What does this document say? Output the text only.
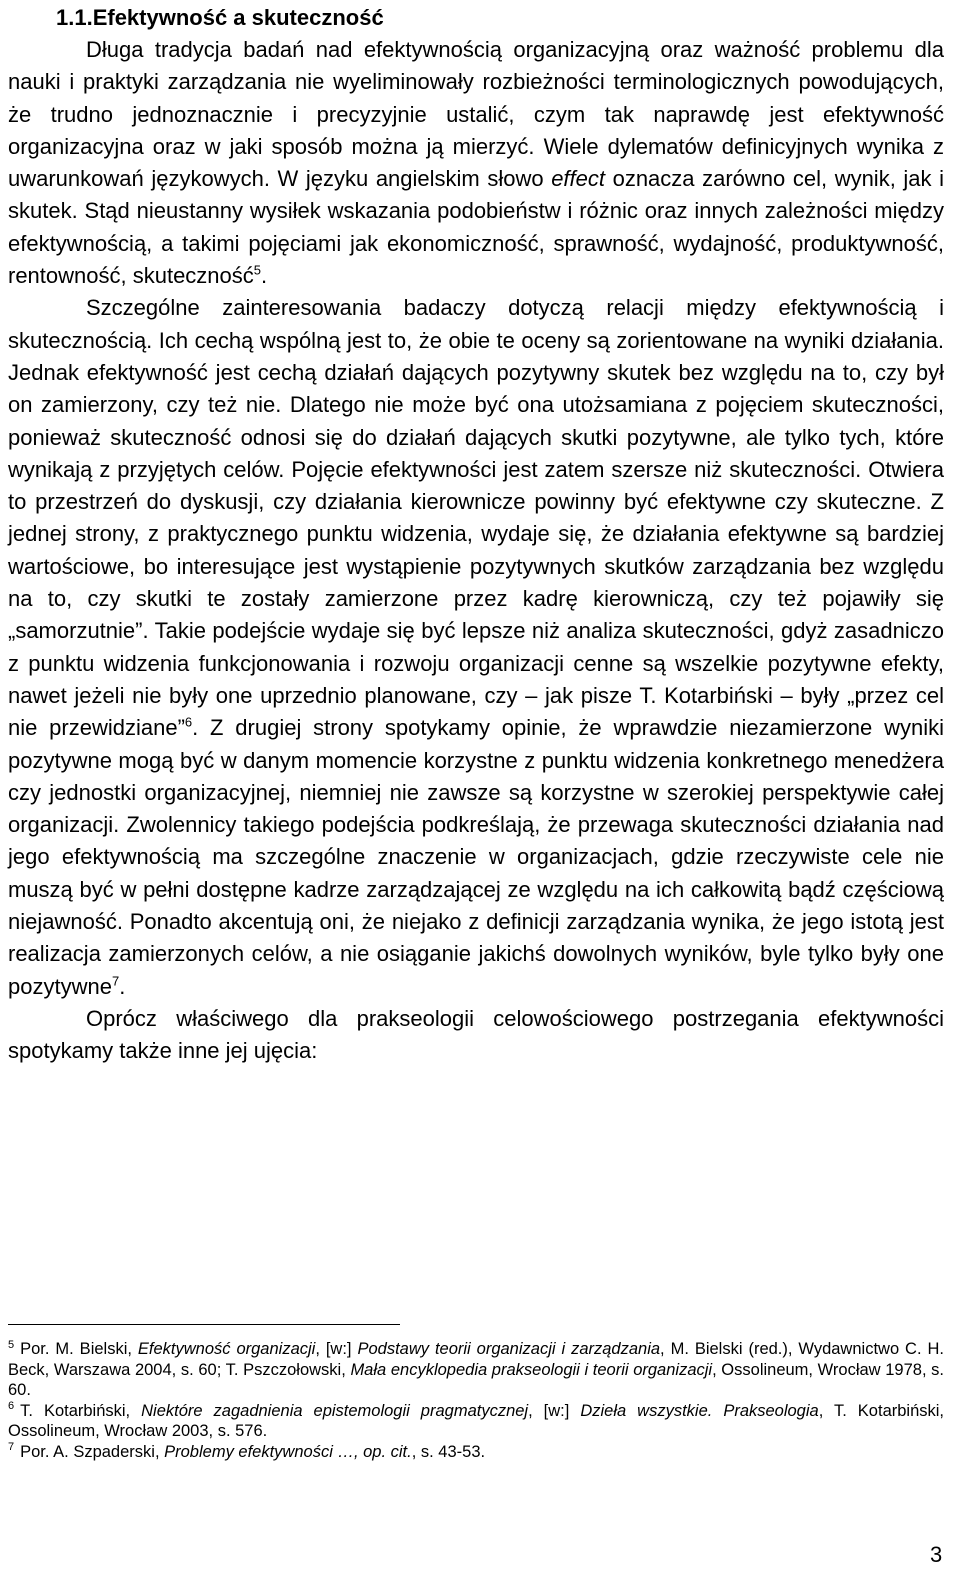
1.1.Efektywność a skuteczność

Długa tradycja badań nad efektywnością organizacyjną oraz ważność problemu dla nauki i praktyki zarządzania nie wyeliminowały rozbieżności terminologicznych powodujących, że trudno jednoznacznie i precyzyjnie ustalić, czym tak naprawdę jest efektywność organizacyjna oraz w jaki sposób można ją mierzyć. Wiele dylematów definicyjnych wynika z uwarunkowań językowych. W języku angielskim słowo effect oznacza zarówno cel, wynik, jak i skutek. Stąd nieustanny wysiłek wskazania podobieństw i różnic oraz innych zależności między efektywnością, a takimi pojęciami jak ekonomiczność, sprawność, wydajność, produktywność, rentowność, skuteczność$^5$.

Szczególne zainteresowania badaczy dotyczą relacji między efektywnością i skutecznością. Ich cechą wspólną jest to, że obie te oceny są zorientowane na wyniki działania. Jednak efektywność jest cechą działań dających pozytywny skutek bez względu na to, czy był on zamierzony, czy też nie. Dlatego nie może być ona utożsamiana z pojęciem skuteczności, ponieważ skuteczność odnosi się do działań dających skutki pozytywne, ale tylko tych, które wynikają z przyjętych celów. Pojęcie efektywności jest zatem szersze niż skuteczności. Otwiera to przestrzeń do dyskusji, czy działania kierownicze powinny być efektywne czy skuteczne. Z jednej strony, z praktycznego punktu widzenia, wydaje się, że działania efektywne są bardziej wartościowe, bo interesujące jest wystąpienie pozytywnych skutków zarządzania bez względu na to, czy skutki te zostały zamierzone przez kadrę kierowniczą, czy też pojawiły się „samorzutnie”. Takie podejście wydaje się być lepsze niż analiza skuteczności, gdyż zasadniczo z punktu widzenia funkcjonowania i rozwoju organizacji cenne są wszelkie pozytywne efekty, nawet jeżeli nie były one uprzednio planowane, czy – jak pisze T. Kotarbiński – były „przez cel nie przewidziane”$^6$. Z drugiej strony spotykamy opinie, że wprawdzie niezamierzone wyniki pozytywne mogą być w danym momencie korzystne z punktu widzenia konkretnego menedżera czy jednostki organizacyjnej, niemniej nie zawsze są korzystne w szerokiej perspektywie całej organizacji. Zwolennicy takiego podejścia podkreślają, że przewaga skuteczności działania nad jego efektywnością ma szczególne znaczenie w organizacjach, gdzie rzeczywiste cele nie muszą być w pełni dostępne kadrze zarządzającej ze względu na ich całkowitą bądź częściową niejawność. Ponadto akcentują oni, że niejako z definicji zarządzania wynika, że jego istotą jest realizacja zamierzonych celów, a nie osiąganie jakichś dowolnych wyników, byle tylko były one pozytywne$^7$.

Oprócz właściwego dla prakseologii celowościowego postrzegania efektywności spotykamy także inne jej ujęcia:

$^5$ Por. M. Bielski, Efektywność organizacji, [w:] Podstawy teorii organizacji i zarządzania, M. Bielski (red.), Wydawnictwo C. H. Beck, Warszawa 2004, s. 60; T. Pszczołowski, Mała encyklopedia prakseologii i teorii organizacji, Ossolineum, Wrocław 1978, s. 60.

$^6$ T. Kotarbiński, Niektóre zagadnienia epistemologii pragmatycznej, [w:] Dzieła wszystkie. Prakseologia, T. Kotarbiński, Ossolineum, Wrocław 2003, s. 576.

$^7$ Por. A. Szpaderski, Problemy efektywności …, op. cit., s. 43-53.

3
